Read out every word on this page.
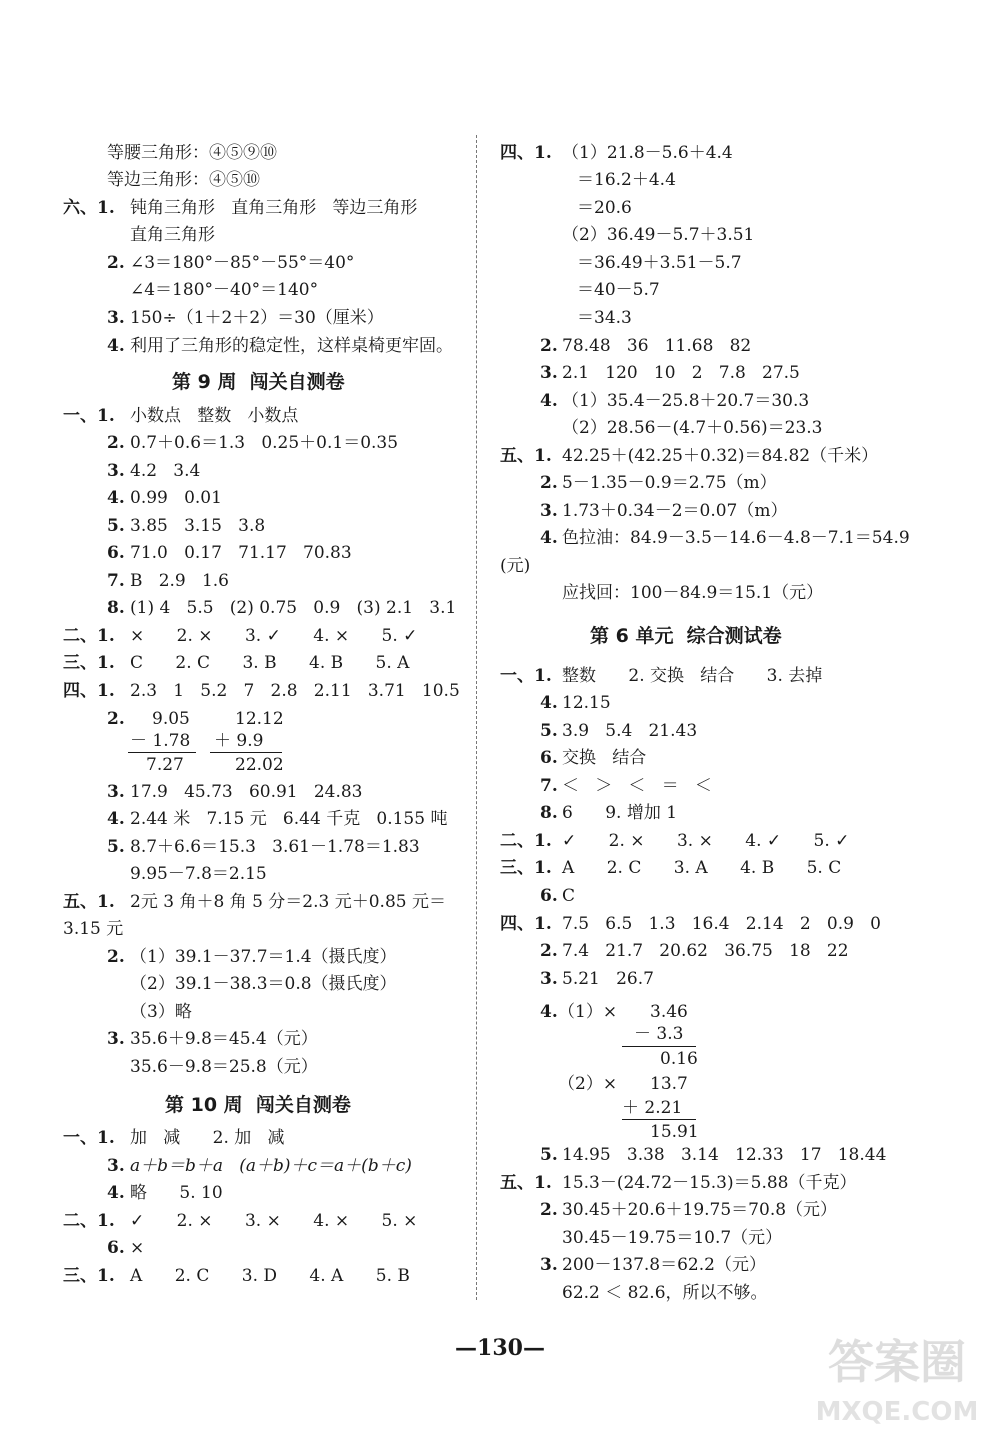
等腰三角形：④⑤⑨⑩
等边三角形：④⑤⑩
六、1. 钝角三角形   直角三角形   等边三角形
直角三角形
2. ∠3＝180°－85°－55°＝40°
∠4＝180°－40°＝140°
3. 150÷（1＋2＋2）＝30（厘米）
4. 利用了三角形的稳定性，这样桌椅更牢固。
第 9 周  闯关自测卷
一、1. 小数点   整数   小数点
2. 0.7＋0.6＝1.3   0.25＋0.1＝0.35
3. 4.2   3.4
4. 0.99   0.01
5. 3.85   3.15   3.8
6. 71.0   0.17   71.17   70.83
7. B   2.9   1.6
8. (1) 4   5.5   (2) 0.75   0.9   (3) 2.1   3.1
二、1. ×      2. ×      3. ✓      4. ×      5. ✓
三、1. C      2. C      3. B      4. B      5. A
四、1. 2.3   1   5.2   7   2.8   2.11   3.71   10.5
2. 9.05
－ 1.78
7.27
12.12
＋ 9.9
22.02
3. 17.9   45.73   60.91   24.83
4. 2.44 米   7.15 元   6.44 千克   0.155 吨
5. 8.7＋6.6＝15.3   3.61－1.78＝1.83
9.95－7.8＝2.15
五、1. 2元 3 角＋8 角 5 分＝2.3 元＋0.85 元＝
3.15 元
2. （1）39.1－37.7＝1.4（摄氏度）
（2）39.1－38.3＝0.8（摄氏度）
（3）略
3. 35.6＋9.8＝45.4（元）
35.6－9.8＝25.8（元）
第 10 周  闯关自测卷
一、1. 加   减      2. 加   减
3. a＋b＝b＋a   (a＋b)＋c＝a＋(b＋c)
4. 略      5. 10
二、1. ✓      2. ×      3. ×      4. ×      5. ×
6. ×
三、1. A      2. C      3. D      4. A      5. B
四、1. （1）21.8－5.6＋4.4
＝16.2＋4.4
＝20.6
（2）36.49－5.7＋3.51
＝36.49＋3.51－5.7
＝40－5.7
＝34.3
2. 78.48   36   11.68   82
3. 2.1   120   10   2   7.8   27.5
4. （1）35.4－25.8＋20.7＝30.3
（2）28.56－(4.7＋0.56)＝23.3
五、1. 42.25＋(42.25＋0.32)＝84.82（千米）
2. 5－1.35－0.9＝2.75（m）
3. 1.73＋0.34－2＝0.07（m）
4. 色拉油：84.9－3.5－14.6－4.8－7.1＝54.9
(元)
应找回：100－84.9＝15.1（元）
第 6 单元  综合测试卷
一、1. 整数      2. 交换   结合      3. 去掉
4. 12.15
5. 3.9   5.4   21.43
6. 交换   结合
7. ＜   ＞   ＜   ＝   ＜
8. 6      9. 增加 1
二、1. ✓      2. ×      3. ×      4. ✓      5. ✓
三、1. A      2. C      3. A      4. B      5. C
6. C
四、1. 7.5   6.5   1.3   16.4   2.14   2   0.9   0
2. 7.4   21.7   20.62   36.75   18   22
3. 5.21   26.7
4. （1）× 3.46
－ 3.3
0.16
（2）× 13.7
＋ 2.21
15.91
5. 14.95   3.38   3.14   12.33   17   18.44
五、1. 15.3－(24.72－15.3)＝5.88（千克）
2. 30.45＋20.6＋19.75＝70.8（元）
30.45－19.75＝10.7（元）
3. 200－137.8＝62.2（元）
62.2 ＜ 82.6，所以不够。
—130—	答案圈
MXQE.COM
